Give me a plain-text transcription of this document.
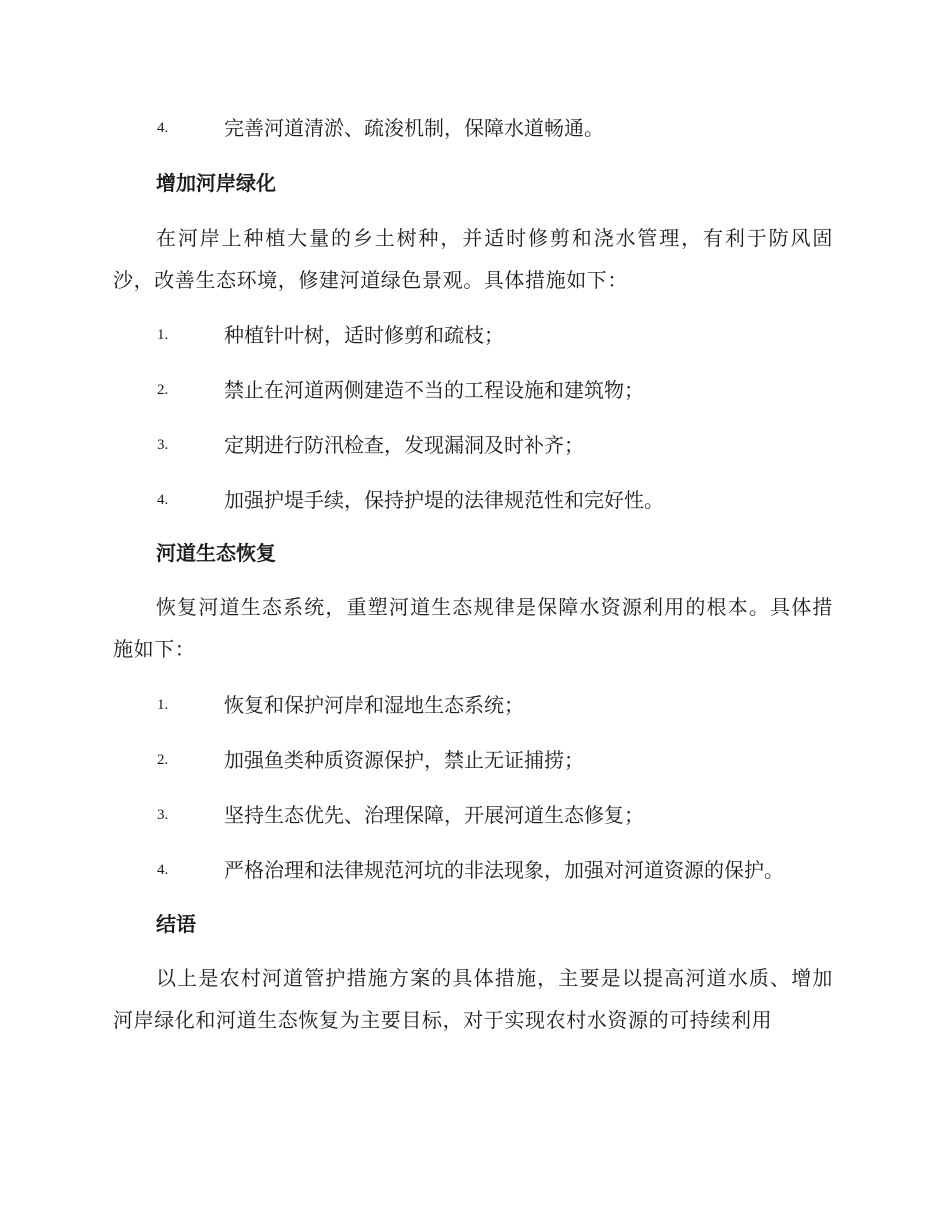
4.	完善河道清淤、疏浚机制，保障水道畅通。
增加河岸绿化
在河岸上种植大量的乡土树种，并适时修剪和浇水管理，有利于防风固沙，改善生态环境，修建河道绿色景观。具体措施如下：
1.	种植针叶树，适时修剪和疏枝；
2.	禁止在河道两侧建造不当的工程设施和建筑物；
3.	定期进行防汛检查，发现漏洞及时补齐；
4.	加强护堤手续，保持护堤的法律规范性和完好性。
河道生态恢复
恢复河道生态系统，重塑河道生态规律是保障水资源利用的根本。具体措施如下：
1.	恢复和保护河岸和湿地生态系统；
2.	加强鱼类种质资源保护，禁止无证捕捞；
3.	坚持生态优先、治理保障，开展河道生态修复；
4.	严格治理和法律规范河坑的非法现象，加强对河道资源的保护。
结语
以上是农村河道管护措施方案的具体措施，主要是以提高河道水质、增加河岸绿化和河道生态恢复为主要目标，对于实现农村水资源的可持续利用
